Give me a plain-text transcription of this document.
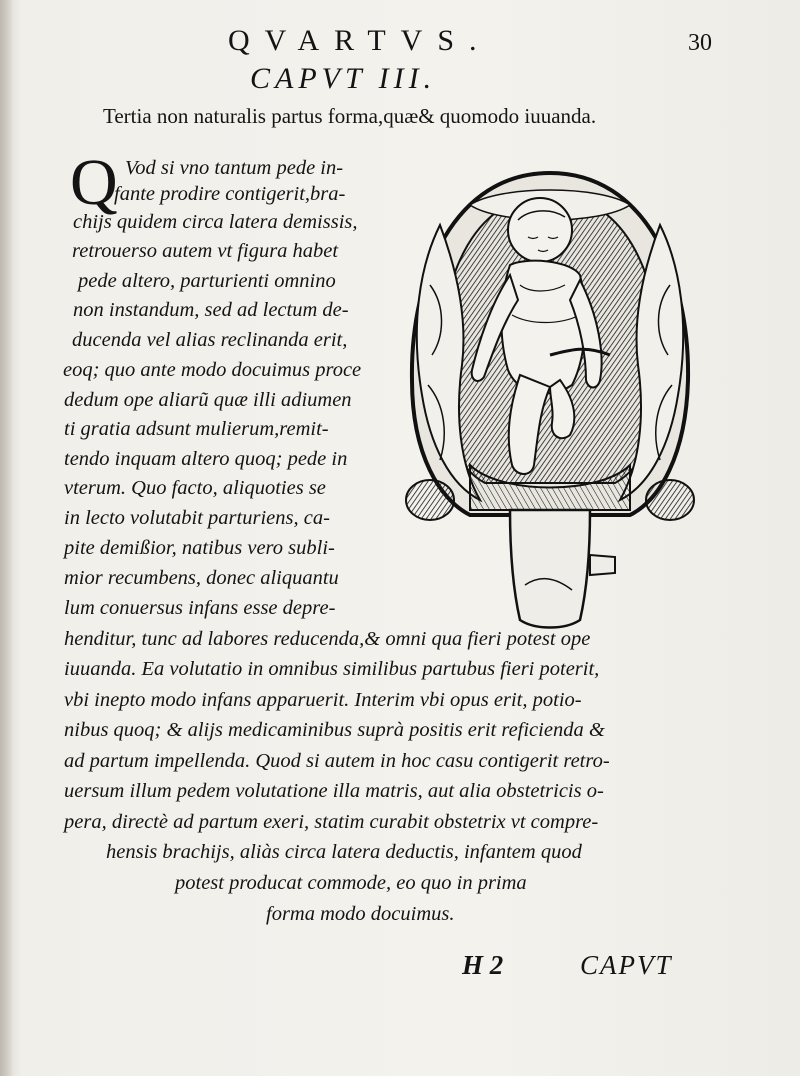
QVARTVS.	30
CAPVT III.
Tertia non naturalis partus forma,quæ& quomodo iuuanda.
Q Vod si vno tantum pede in-
fante prodire contigerit,bra-
chijs quidem circa latera demissis,
retrouerso autem vt figura habet
pede altero, parturienti omnino
non instandum, sed ad lectum de-
ducenda vel alias reclinanda erit,
eoq; quo ante modo docuimus proce
dedum ope aliarũ quæ illi adiumen
ti gratia adsunt mulierum,remit-
tendo inquam altero quoq; pede in
vterum. Quo facto, aliquoties se
in lecto volutabit parturiens, ca-
pite demißior, natibus vero subli-
mior recumbens, donec aliquantu
lum conuersus infans esse depre-
henditur, tunc ad labores reducenda,& omni qua fieri potest ope
iuuanda. Ea volutatio in omnibus similibus partubus fieri poterit,
vbi inepto modo infans apparuerit. Interim vbi opus erit, potio-
nibus quoq; & alijs medicaminibus suprà positis erit reficienda &
ad partum impellenda. Quod si autem in hoc casu contigerit retro-
uersum illum pedem volutatione illa matris, aut alia obstetricis o-
pera, directè ad partum exeri, statim curabit obstetrix vt compre-
hensis brachijs, aliàs circa latera deductis, infantem quod
potest producat commode, eo quo in prima
forma modo docuimus.
H 2	CAPVT
